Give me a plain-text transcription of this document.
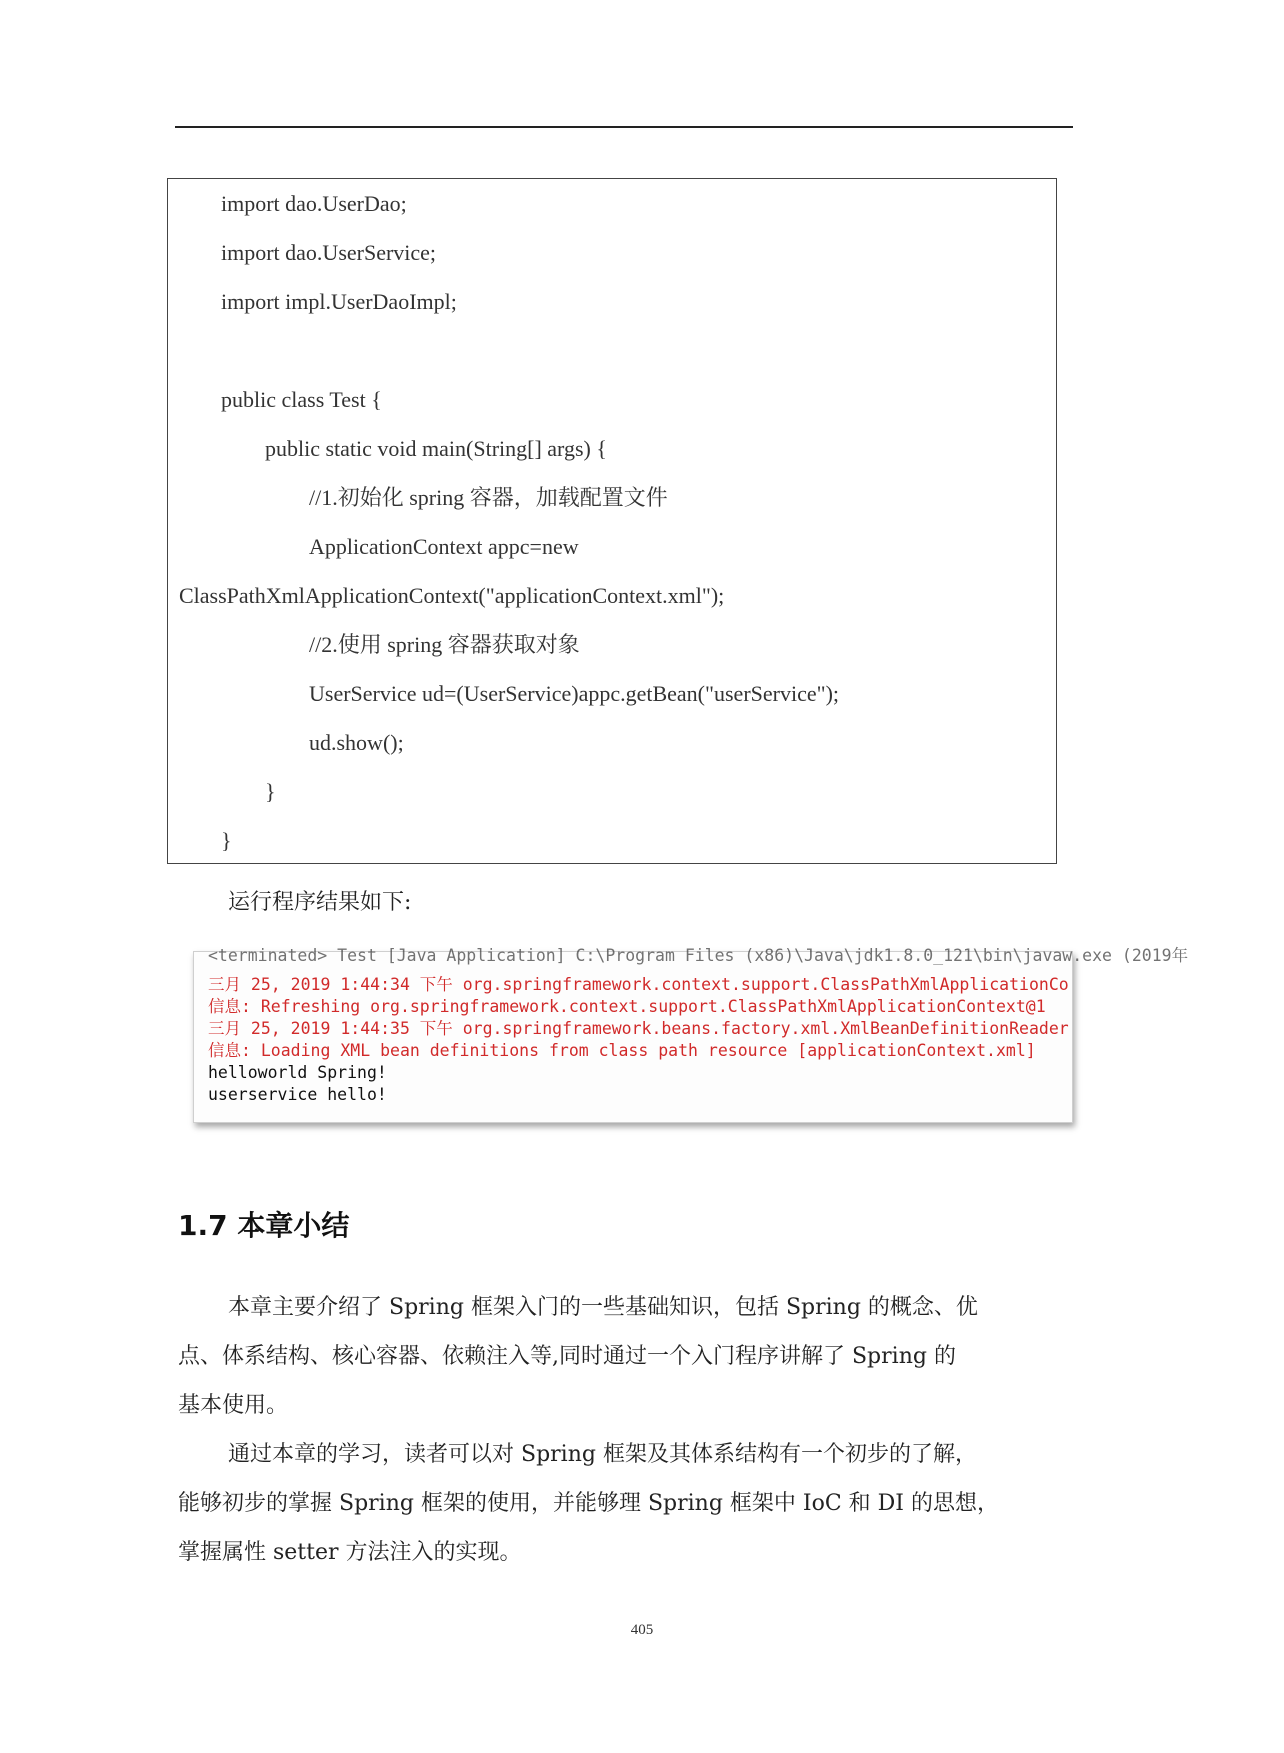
import dao.UserDao;
import dao.UserService;
import impl.UserDaoImpl;
public class Test {
public static void main(String[] args) {
//1.初始化 spring 容器，加载配置文件
ApplicationContext appc=new
ClassPathXmlApplicationContext("applicationContext.xml");
//2.使用 spring 容器获取对象
UserService ud=(UserService)appc.getBean("userService");
ud.show();
}
}
运行程序结果如下:
<terminated> Test [Java Application] C:\Program Files (x86)\Java\jdk1.8.0_121\bin\javaw.exe (2019年
三月 25, 2019 1:44:34 下午 org.springframework.context.support.ClassPathXmlApplicationCo
信息: Refreshing org.springframework.context.support.ClassPathXmlApplicationContext@1
三月 25, 2019 1:44:35 下午 org.springframework.beans.factory.xml.XmlBeanDefinitionReader
信息: Loading XML bean definitions from class path resource [applicationContext.xml]
helloworld Spring!
userservice hello!
1.7 本章小结
本章主要介绍了 Spring 框架入门的一些基础知识，包括 Spring 的概念、优
点、体系结构、核心容器、依赖注入等,同时通过一个入门程序讲解了 Spring 的
基本使用。
通过本章的学习，读者可以对 Spring 框架及其体系结构有一个初步的了解，
能够初步的掌握 Spring 框架的使用，并能够理 Spring 框架中 IoC 和 DI 的思想，
掌握属性 setter 方法注入的实现。
405
